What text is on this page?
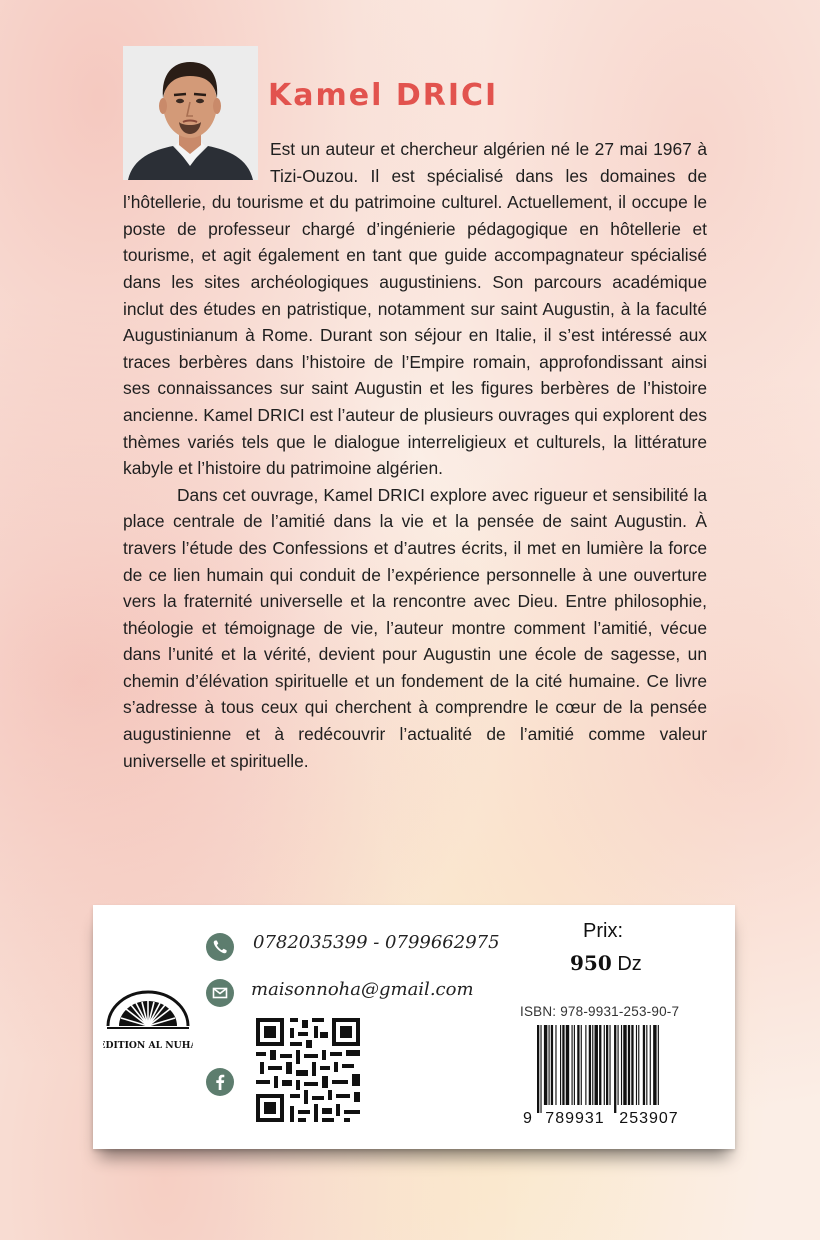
Kamel DRICI

Est un auteur et chercheur algérien né le 27 mai 1967 à Tizi-Ouzou. Il est spécialisé dans les domaines de l’hôtellerie, du tourisme et du patrimoine culturel. Actuellement, il occupe le poste de professeur chargé d’ingénierie pédagogique en hôtellerie et tourisme, et agit également en tant que guide accompagnateur spécialisé dans les sites archéologiques augustiniens. Son parcours académique inclut des études en patristique, notamment sur saint Augustin, à la faculté Augustinianum à Rome. Durant son séjour en Italie, il s’est intéressé aux traces berbères dans l’histoire de l’Empire romain, approfondissant ainsi ses connaissances sur saint Augustin et les figures berbères de l’histoire ancienne. Kamel DRICI est l’auteur de plusieurs ouvrages qui explorent des thèmes variés tels que le dialogue interreligieux et culturels, la littérature kabyle et l’histoire du patrimoine algérien.

Dans cet ouvrage, Kamel DRICI explore avec rigueur et sensibilité la place centrale de l’amitié dans la vie et la pensée de saint Augustin. À travers l’étude des Confessions et d’autres écrits, il met en lumière la force de ce lien humain qui conduit de l’expérience personnelle à une ouverture vers la fraternité universelle et la rencontre avec Dieu. Entre philosophie, théologie et témoignage de vie, l’auteur montre comment l’amitié, vécue dans l’unité et la vérité, devient pour Augustin une école de sagesse, un chemin d’élévation spirituelle et un fondement de la cité humaine. Ce livre s’adresse à tous ceux qui cherchent à comprendre le cœur de la pensée augustinienne et à redécouvrir l’actualité de l’amitié comme valeur universelle et spirituelle.

EDITION AL NUHA
0782035399 - 0799662975
maisonnoha@gmail.com
Prix:
950 Dz
ISBN: 978-9931-253-90-7
9 789931 253907
